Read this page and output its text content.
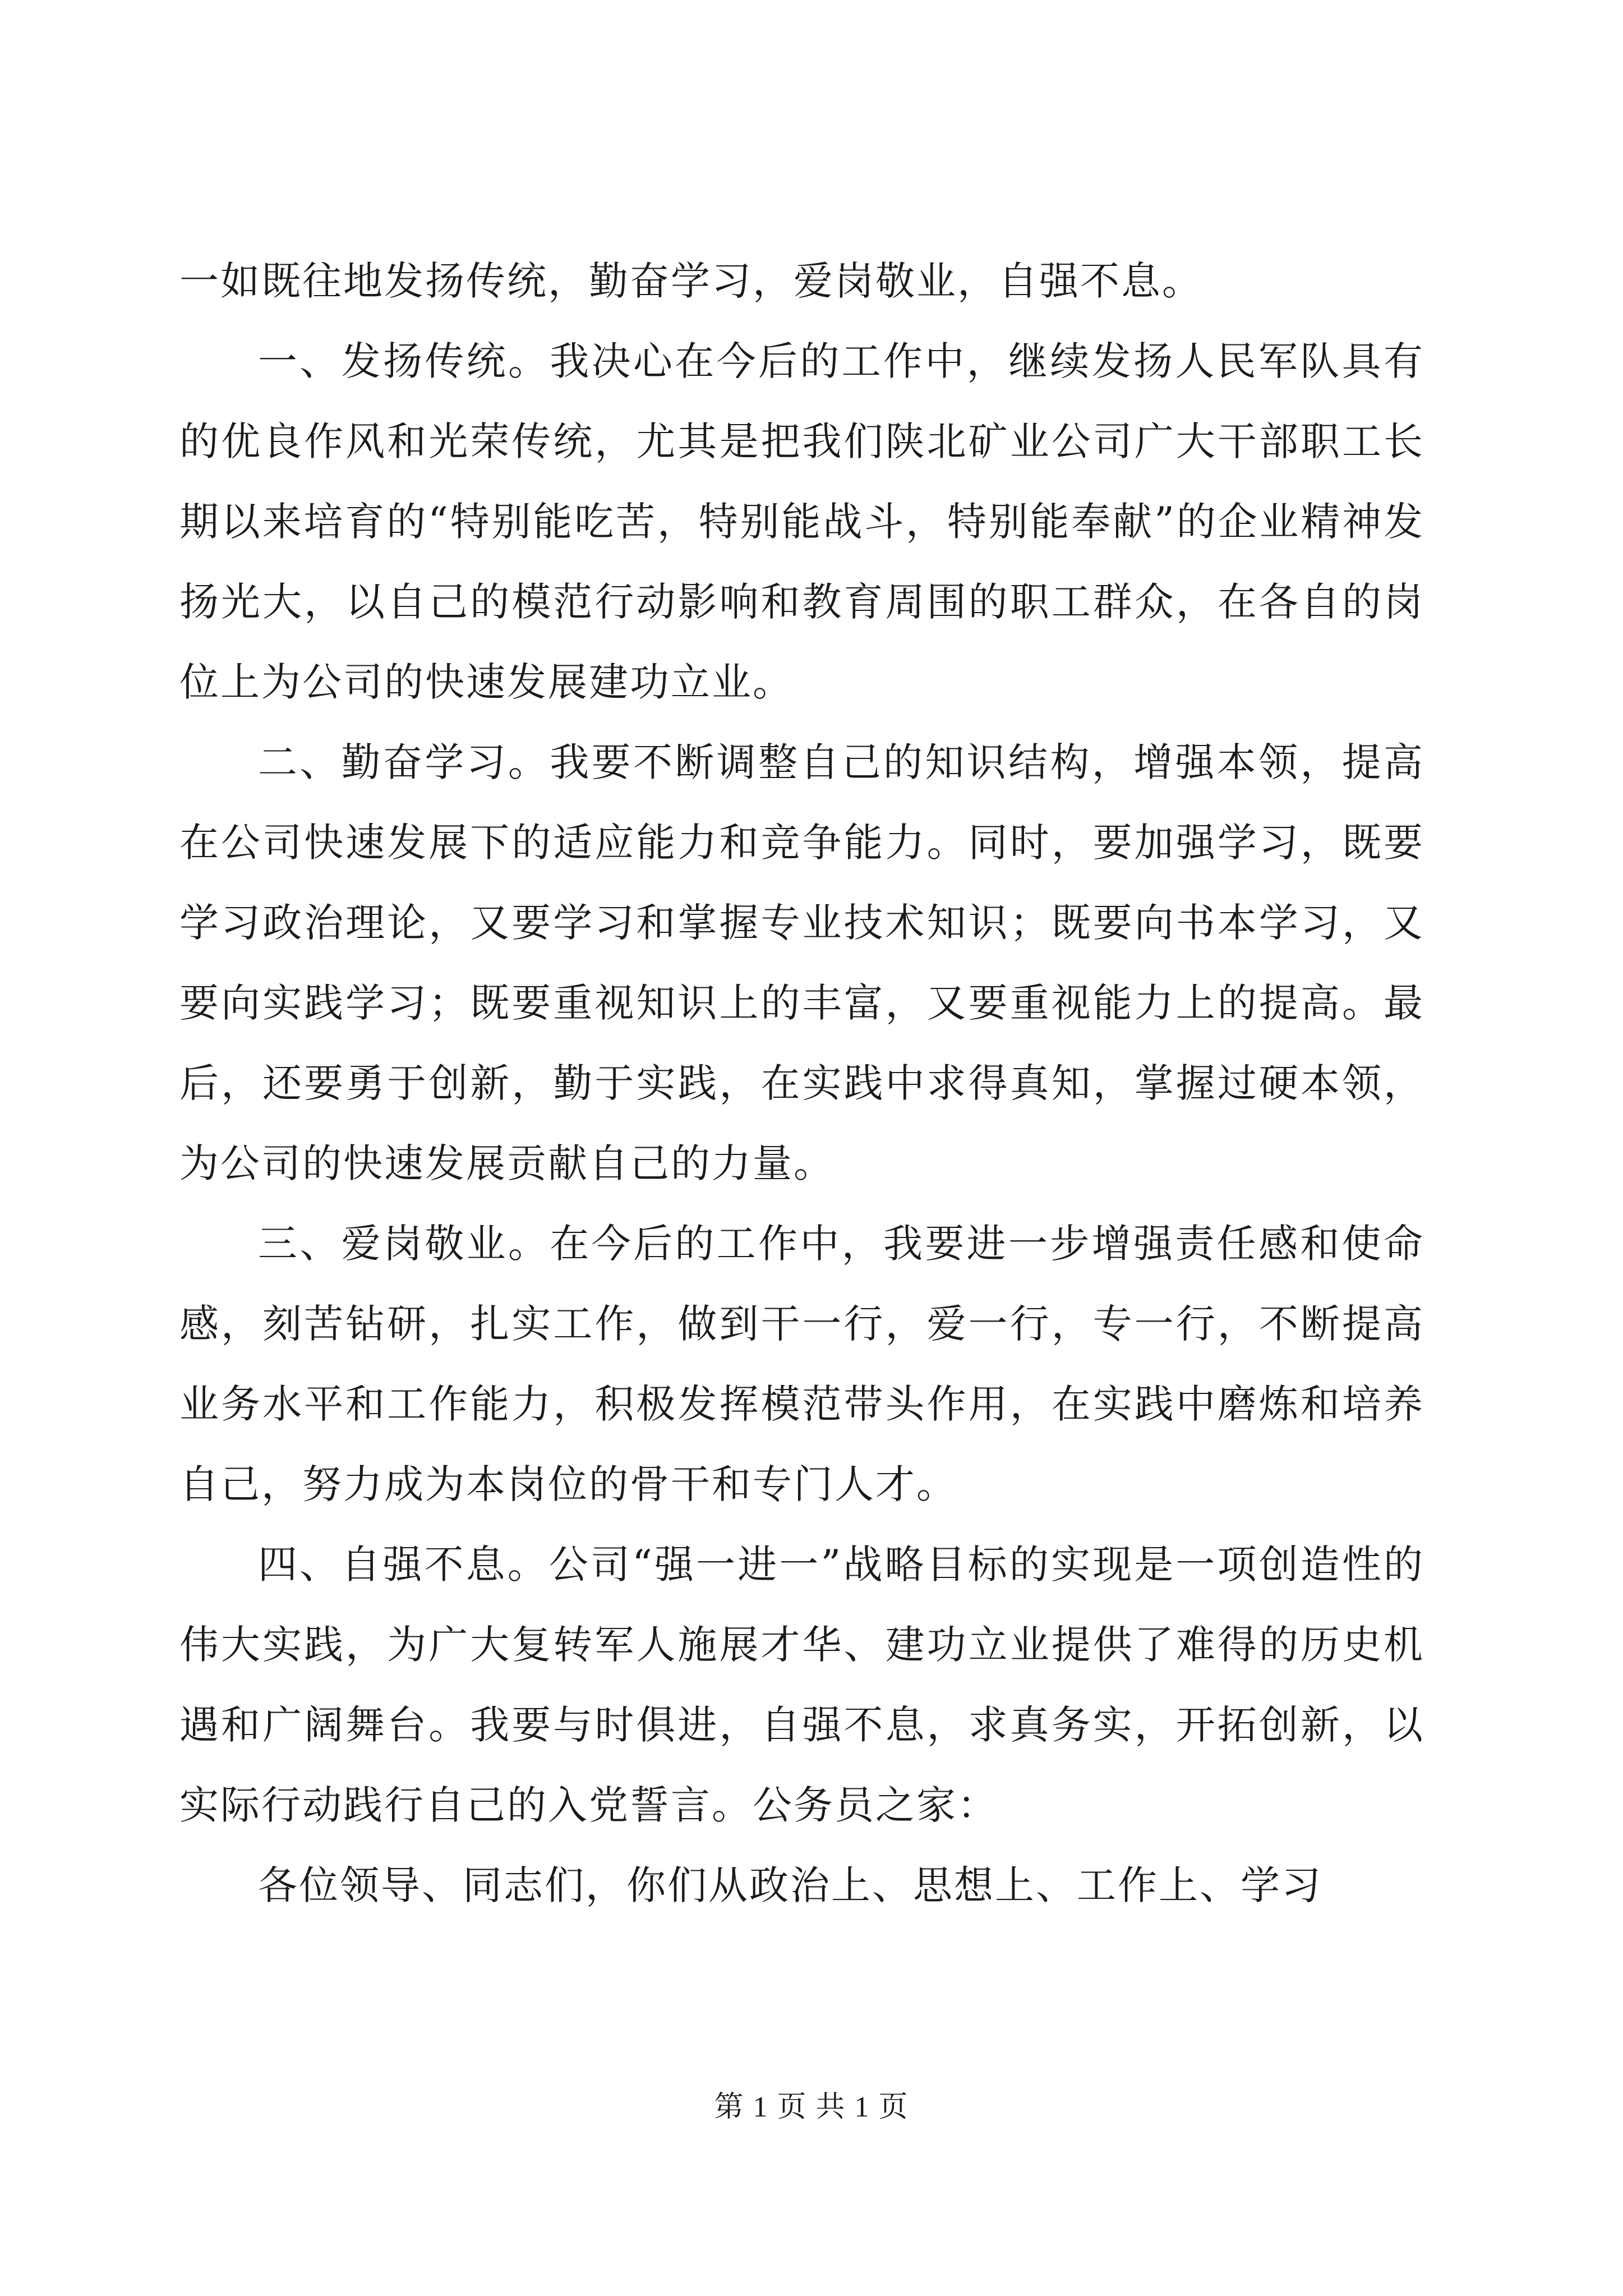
一如既往地发扬传统，勤奋学习，爱岗敬业，自强不息。

一、发扬传统。我决心在今后的工作中，继续发扬人民军队具有的优良作风和光荣传统，尤其是把我们陕北矿业公司广大干部职工长期以来培育的“特别能吃苦，特别能战斗，特别能奉献”的企业精神发扬光大，以自己的模范行动影响和教育周围的职工群众，在各自的岗位上为公司的快速发展建功立业。

二、勤奋学习。我要不断调整自己的知识结构，增强本领，提高在公司快速发展下的适应能力和竞争能力。同时，要加强学习，既要学习政治理论，又要学习和掌握专业技术知识；既要向书本学习，又要向实践学习；既要重视知识上的丰富，又要重视能力上的提高。最后，还要勇于创新，勤于实践，在实践中求得真知，掌握过硬本领，为公司的快速发展贡献自己的力量。

三、爱岗敬业。在今后的工作中，我要进一步增强责任感和使命感，刻苦钻研，扎实工作，做到干一行，爱一行，专一行，不断提高业务水平和工作能力，积极发挥模范带头作用，在实践中磨炼和培养自己，努力成为本岗位的骨干和专门人才。

四、自强不息。公司“强一进一”战略目标的实现是一项创造性的伟大实践，为广大复转军人施展才华、建功立业提供了难得的历史机遇和广阔舞台。我要与时俱进，自强不息，求真务实，开拓创新，以实际行动践行自己的入党誓言。公务员之家：

各位领导、同志们，你们从政治上、思想上、工作上、学习

第 1 页 共 1 页
